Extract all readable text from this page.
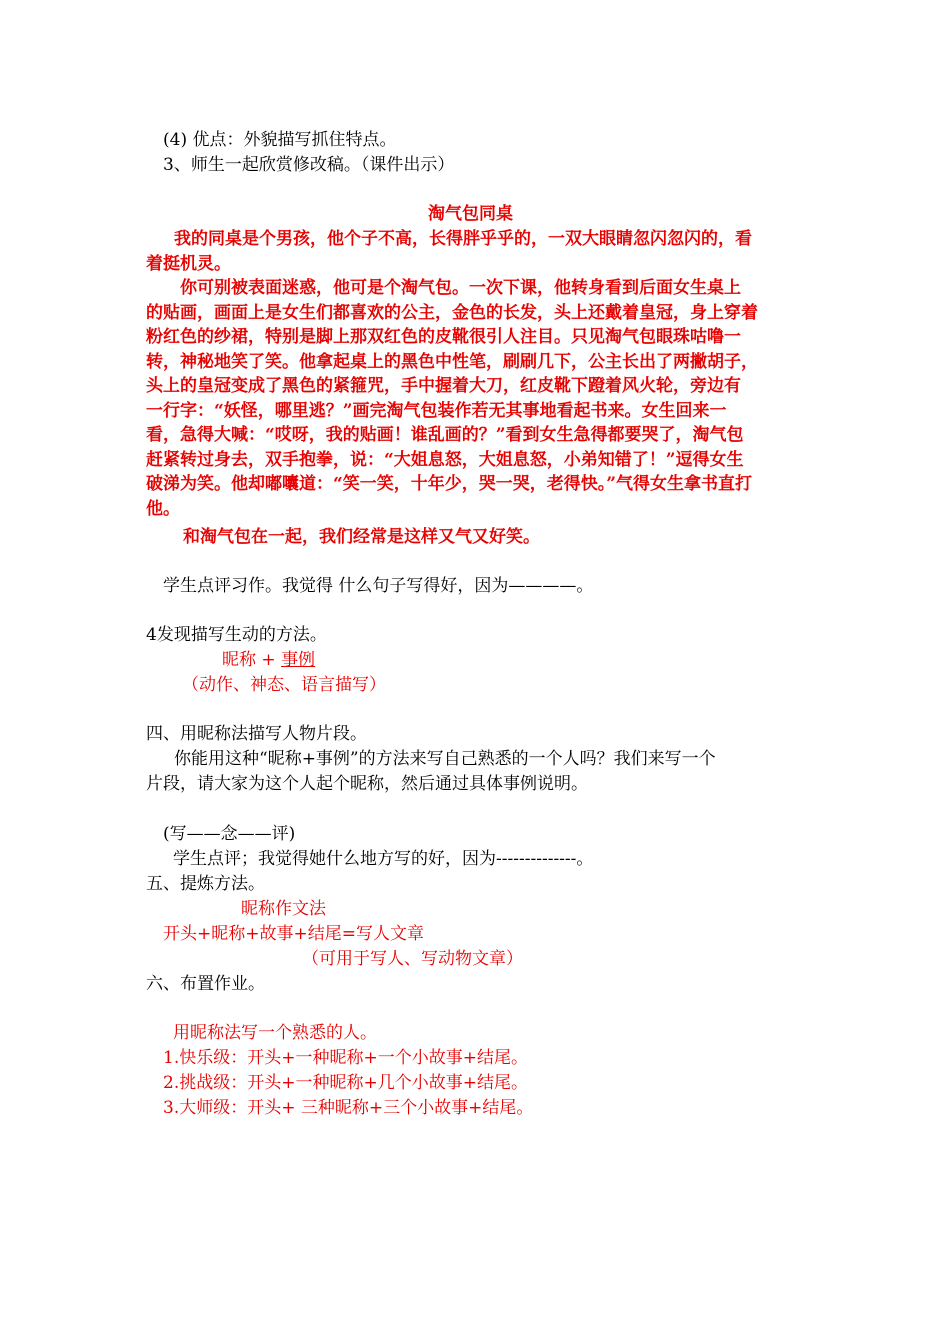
(4) 优点：外貌描写抓住特点。
3、师生一起欣赏修改稿。（课件出示）
淘气包同桌
我的同桌是个男孩，他个子不高，长得胖乎乎的，一双大眼睛忽闪忽闪的，看
着挺机灵。
你可别被表面迷惑，他可是个淘气包。一次下课，他转身看到后面女生桌上
的贴画，画面上是女生们都喜欢的公主，金色的长发，头上还戴着皇冠，身上穿着
粉红色的纱裙，特别是脚上那双红色的皮靴很引人注目。只见淘气包眼珠咕噜一
转，神秘地笑了笑。他拿起桌上的黑色中性笔，刷刷几下，公主长出了两撇胡子，
头上的皇冠变成了黑色的紧箍咒，手中握着大刀，红皮靴下蹬着风火轮，旁边有
一行字：“妖怪，哪里逃？”画完淘气包装作若无其事地看起书来。女生回来一
看，急得大喊：“哎呀，我的贴画！谁乱画的？”看到女生急得都要哭了，淘气包
赶紧转过身去，双手抱拳，说：“大姐息怒，大姐息怒，小弟知错了！”逗得女生
破涕为笑。他却嘟囔道：“笑一笑，十年少，哭一哭，老得快。”气得女生拿书直打
他。
和淘气包在一起，我们经常是这样又气又好笑。
学生点评习作。我觉得 什么句子写得好，因为————。
4发现描写生动的方法。
昵称 + 事例
（动作、神态、语言描写）
四、用昵称法描写人物片段。
你能用这种“昵称+事例”的方法来写自己熟悉的一个人吗？我们来写一个
片段，请大家为这个人起个昵称，然后通过具体事例说明。
(写——念——评)
学生点评；我觉得她什么地方写的好，因为--------------。
五、提炼方法。
昵称作文法
开头+昵称+故事+结尾=写人文章
（可用于写人、写动物文章）
六、布置作业。
用昵称法写一个熟悉的人。
1.快乐级：开头+一种昵称+一个小故事+结尾。
2.挑战级：开头+一种昵称+几个小故事+结尾。
3.大师级：开头+ 三种昵称+三个小故事+结尾。
